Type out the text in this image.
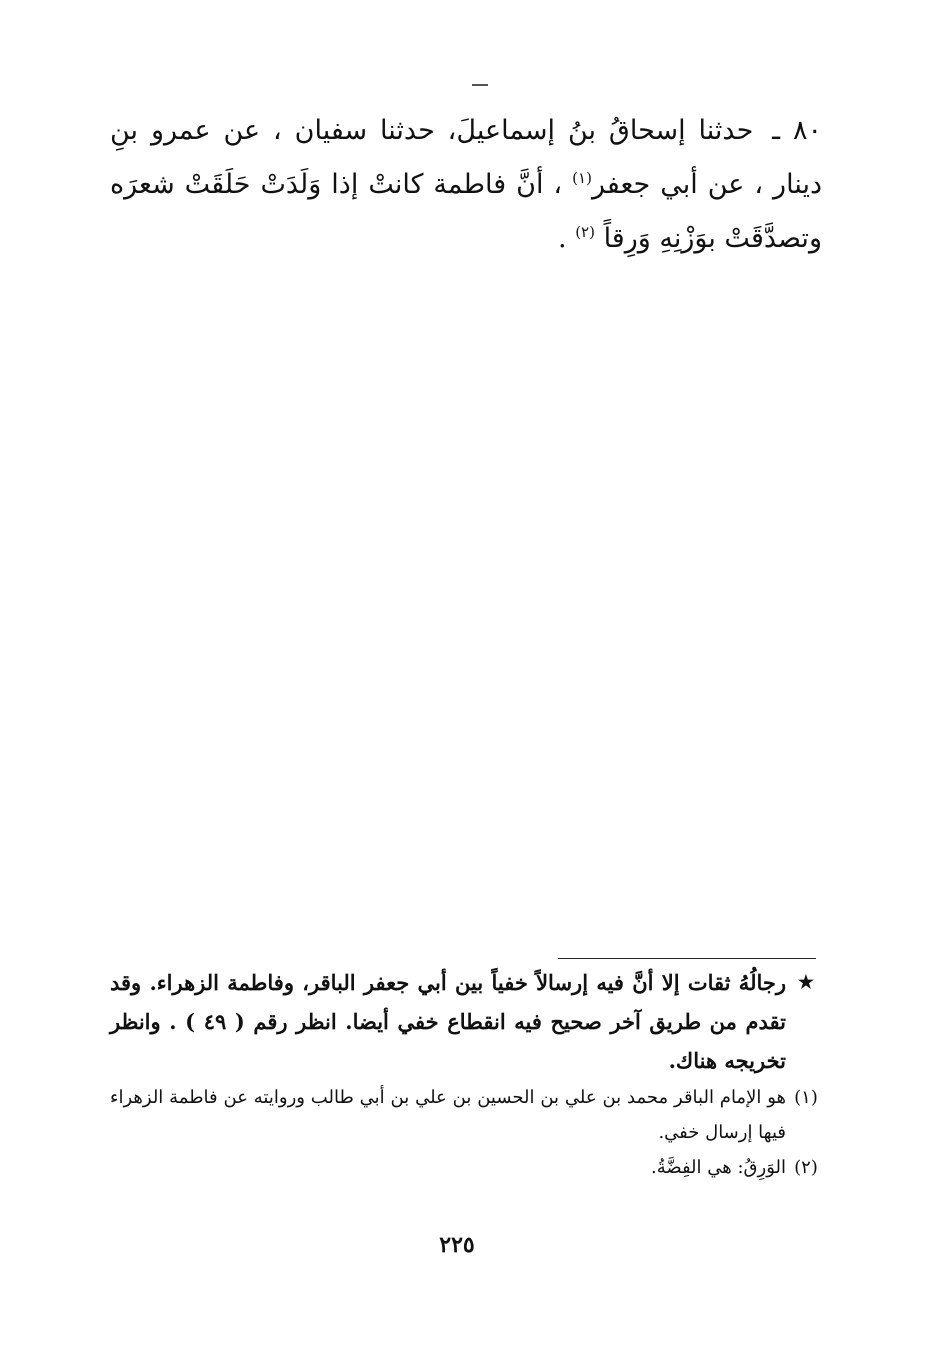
٨٠ ـ حدثنا إسحاقُ بنُ إسماعيلَ، حدثنا سفيان ، عن عمرو بنِ دينار ، عن أبي جعفر$^{(١)}$ ، أنَّ فاطمة كانتْ إذا وَلَدَتْ حَلَقَتْ شعرَه وتصدَّقَتْ بوَزْنِهِ وَرِقاً $^{(٢)}$ .
★
رجالُهُ ثقات إلا أنَّ فيه إرسالاً خفياً بين أبي جعفر الباقر، وفاطمة الزهراء. وقد تقدم من طريق آخر صحيح فيه انقطاع خفي أيضا. انظر رقم ( ٤٩ ) . وانظر تخريجه هناك.
(١)
هو الإمام الباقر محمد بن علي بن الحسين بن علي بن أبي طالب وروايته عن فاطمة الزهراء فيها إرسال خفي.
(٢)
الوَرِقُ: هي الفِضَّةُ.
٢٢٥
